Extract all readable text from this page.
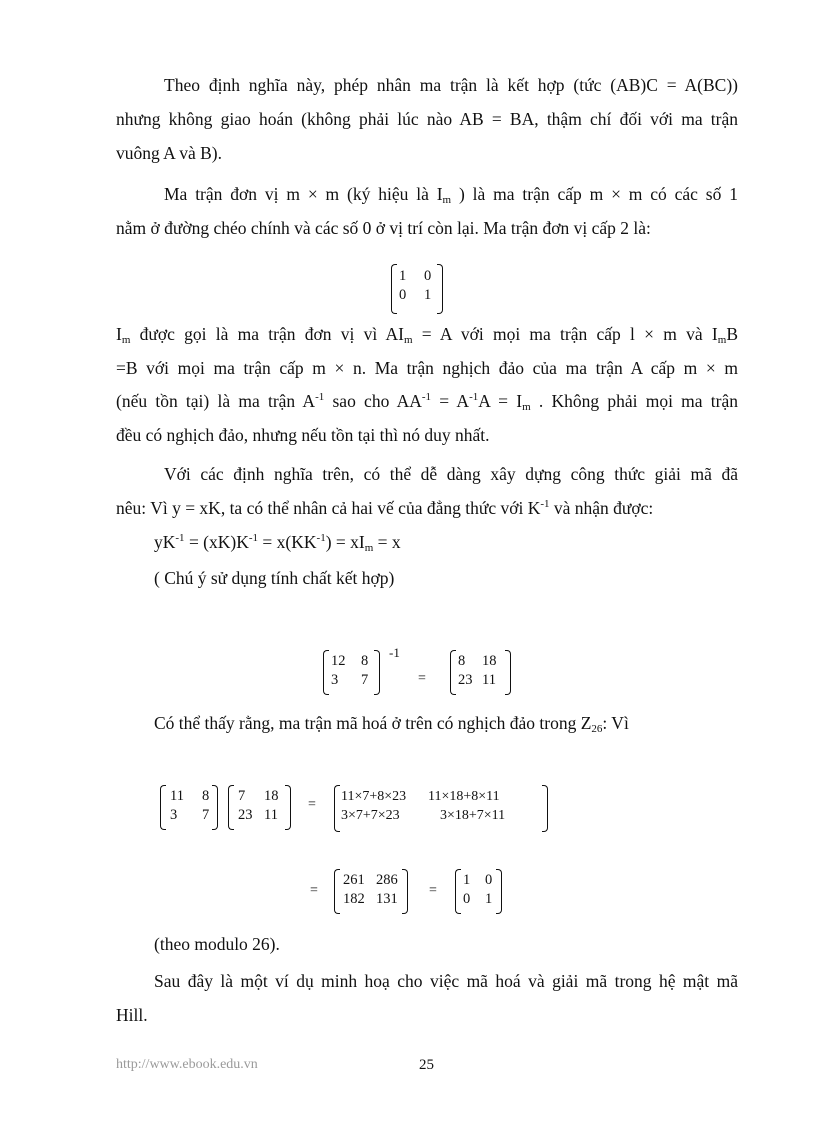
Theo định nghĩa này, phép nhân ma trận là kết hợp (tức (AB)C = A(BC))
nhưng không giao hoán (không phải lúc nào AB = BA, thậm chí đối với ma trận
vuông A và B).
Ma trận đơn vị m × m (ký hiệu là $I_m$ ) là ma trận cấp m × m có các số 1
nằm ở đường chéo chính và các số 0 ở vị trí còn lại. Ma trận đơn vị cấp 2 là:
1 0
0 1
$I_m$ được gọi là ma trận đơn vị vì $AI_m = A$ với mọi ma trận cấp l × m và $I_mB$
=B với mọi ma trận cấp m × n. Ma trận nghịch đảo của ma trận A cấp m × m
(nếu tồn tại) là ma trận $A^{-1}$ sao cho $AA^{-1} = A^{-1}A = I_m$ . Không phải mọi ma trận
đều có nghịch đảo, nhưng nếu tồn tại thì nó duy nhất.
Với các định nghĩa trên, có thể dễ dàng xây dựng công thức giải mã đã
nêu: Vì y = xK, ta có thể nhân cả hai vế của đẳng thức với $K^{-1}$ và nhận được:
$yK^{-1} = (xK)K^{-1} = x(KK^{-1}) = xI_m = x$
( Chú ý sử dụng tính chất kết hợp)
12 8
3 7
-1
=
8 18
23 11
Có thể thấy rằng, ma trận mã hoá ở trên có nghịch đảo trong $Z_{26}$: Vì
11 8
3 7
7 18
23 11
=
11×7+8×23 11×18+8×11
3×7+7×23	3×18+7×11
=
261 286
182 131
=
1 0
0 1
(theo modulo 26).
Sau đây là một ví dụ minh hoạ cho việc mã hoá và giải mã trong hệ mật mã
Hill.
http://www.ebook.edu.vn	25
